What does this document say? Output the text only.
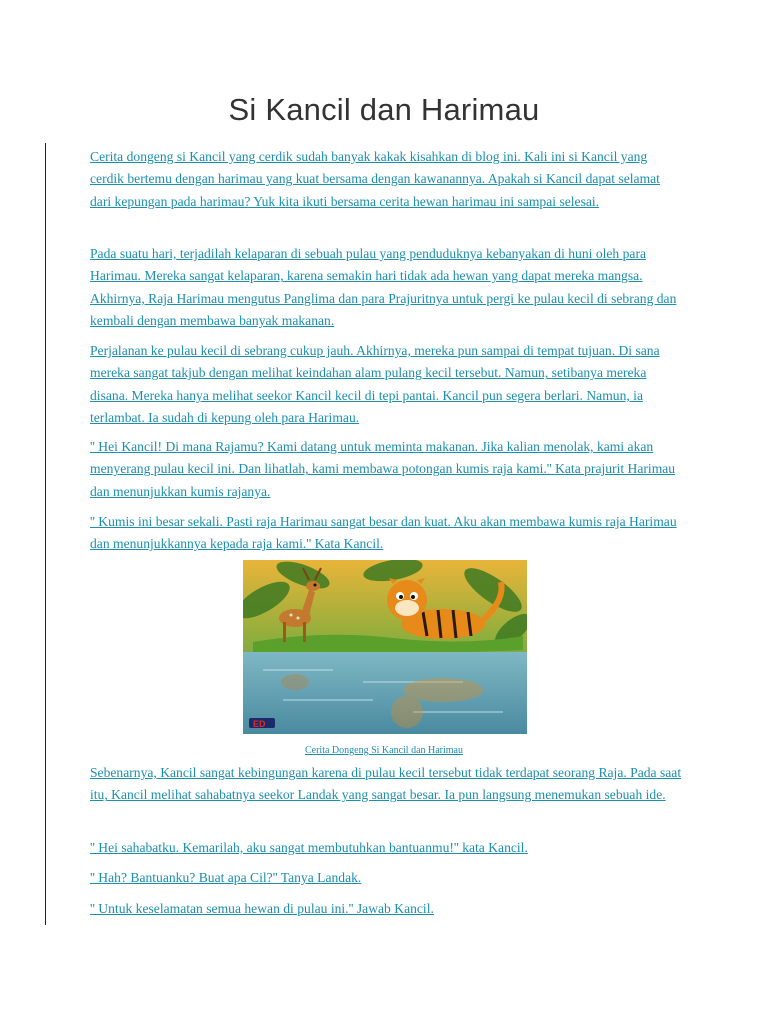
Si Kancil dan Harimau
Cerita dongeng si Kancil yang cerdik sudah banyak kakak kisahkan di blog ini. Kali ini si Kancil yang cerdik bertemu dengan harimau yang kuat bersama dengan kawanannya. Apakah si Kancil dapat selamat dari kepungan pada harimau? Yuk kita ikuti bersama cerita hewan harimau ini sampai selesai.
Pada suatu hari, terjadilah kelaparan di sebuah pulau yang penduduknya kebanyakan di huni oleh para Harimau. Mereka sangat kelaparan, karena semakin hari tidak ada hewan yang dapat mereka mangsa. Akhirnya, Raja Harimau mengutus Panglima dan para Prajuritnya untuk pergi ke pulau kecil di sebrang dan kembali dengan membawa banyak makanan.
Perjalanan ke pulau kecil di sebrang cukup jauh. Akhirnya, mereka pun sampai di tempat tujuan. Di sana mereka sangat takjub dengan melihat keindahan alam pulang kecil tersebut. Namun, setibanya mereka disana. Mereka hanya melihat seekor Kancil kecil di tepi pantai. Kancil pun segera berlari. Namun, ia terlambat. Ia sudah di kepung oleh para Harimau.
'' Hei Kancil! Di mana Rajamu? Kami datang untuk meminta makanan. Jika kalian menolak, kami akan menyerang pulau kecil ini. Dan lihatlah, kami membawa potongan kumis raja kami.'' Kata prajurit Harimau dan menunjukkan kumis rajanya.
'' Kumis ini besar sekali. Pasti raja Harimau sangat besar dan kuat. Aku akan membawa kumis raja Harimau dan menunjukkannya kepada raja kami.'' Kata Kancil.
ED
Cerita Dongeng Si Kancil dan Harimau
Sebenarnya, Kancil sangat kebingungan karena di pulau kecil tersebut tidak terdapat seorang Raja. Pada saat itu, Kancil melihat sahabatnya seekor Landak yang sangat besar. Ia pun langsung menemukan sebuah ide.
'' Hei sahabatku. Kemarilah, aku sangat membutuhkan bantuanmu!'' kata Kancil.
'' Hah? Bantuanku? Buat apa Cil?'' Tanya Landak.
'' Untuk keselamatan semua hewan di pulau ini.'' Jawab Kancil.
